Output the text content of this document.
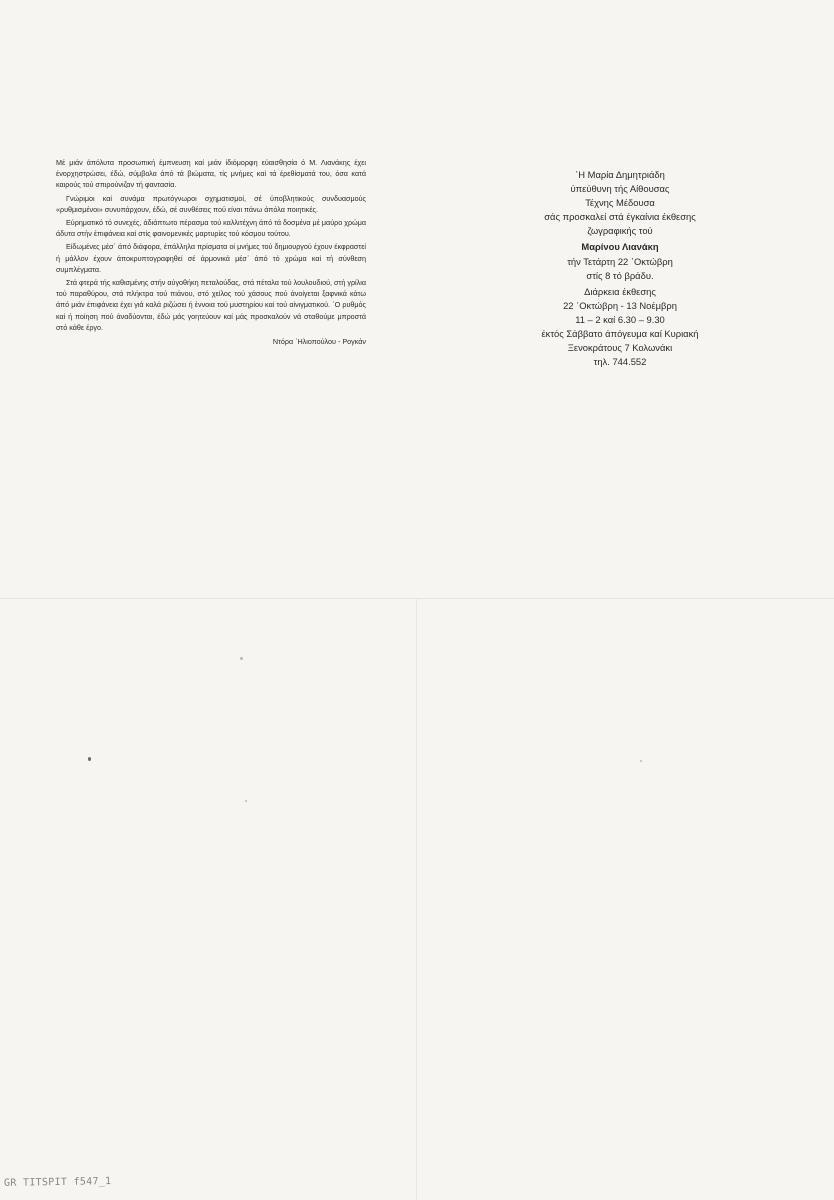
Μέ μιάν άπόλυτα προσωπική έμπνευση καί μιάν ίδιόμορφη εύαισθησία ό Μ. Λιανάκης έχει ένορχηστρώσει, έδώ, σύμβολα άπό τά βιώματα, τίς μνήμες καί τά έρεθίσματά του, όσα κατά καιρούς τού σπιρούνιζαν τή φαντασία.

Γνώριμοι καί συνάμα πρωτόγνωροι σχηματισμοί, σέ ύποβλητικούς συνδυασμούς «ρυθμισμένοι» συνυπάρχουν, έδώ, σέ συνθέσεις πού είναι πάνω άπόλα ποιητικές.

Εύρηματικό τό συνεχές, άδιάπτωτο πέρασμα τού καλλιτέχνη άπό τά δοσμένα μέ μαύρο χρώμα άδυτα στήν έπιφάνεια καί στίς φαινομενικές μαρτυρίες τού κόσμου τούτου.

Είδωμένες μέσ᾽ άπό διάφορα, έπάλληλα πρίσματα οί μνήμες τού δημιουργού έχουν έκφραστεί ή μάλλον έχουν άποκρυπτογραφηθεί σέ άρμονικά μέσ᾽ άπό τό χρώμα καί τή σύνθεση συμπλέγματα.

Στά φτερά τής καθισμένης στήν αύγοθήκη πεταλούδας, στά πέταλα τού λουλουδιού, στή γρίλια τού παραθύρου, στά πλήκτρα τού πιάνου, στό χείλος τού χάσους πού άνοίγεται ξαφνικά κάτω άπό μιάν έπιφάνεια έχει γιά καλά ριζώσει ή έννοια τού μυστηρίου καί τού αίνιγματικού. ᾽Ο ρυθμός καί ή ποίηση πού άναδύονται, έδώ μάς γοητεύουν καί μάς προσκαλούν νά σταθούμε μπροστά στό κάθε έργο.

Ντόρα ᾽Ηλιοπούλου - Ρογκάν
᾽Η Μαρία Δημητριάδη
ύπεύθυνη τής Αίθουσας
Τέχνης Μέδουσα
σάς προσκαλεί στά έγκαίνια έκθεσης
ζωγραφικής τού
Μαρίνου Λιανάκη
τήν Τετάρτη 22 ᾽Οκτώβρη
στίς 8 τό βράδυ.
Διάρκεια έκθεσης
22 ᾽Οκτώβρη - 13 Νοέμβρη
11 – 2 καί 6.30 – 9.30
έκτός Σάββατο άπόγευμα καί Κυριακή
Ξενοκράτους 7 Κολωνάκι
τηλ. 744.552
GR TITSPIT f547_1
